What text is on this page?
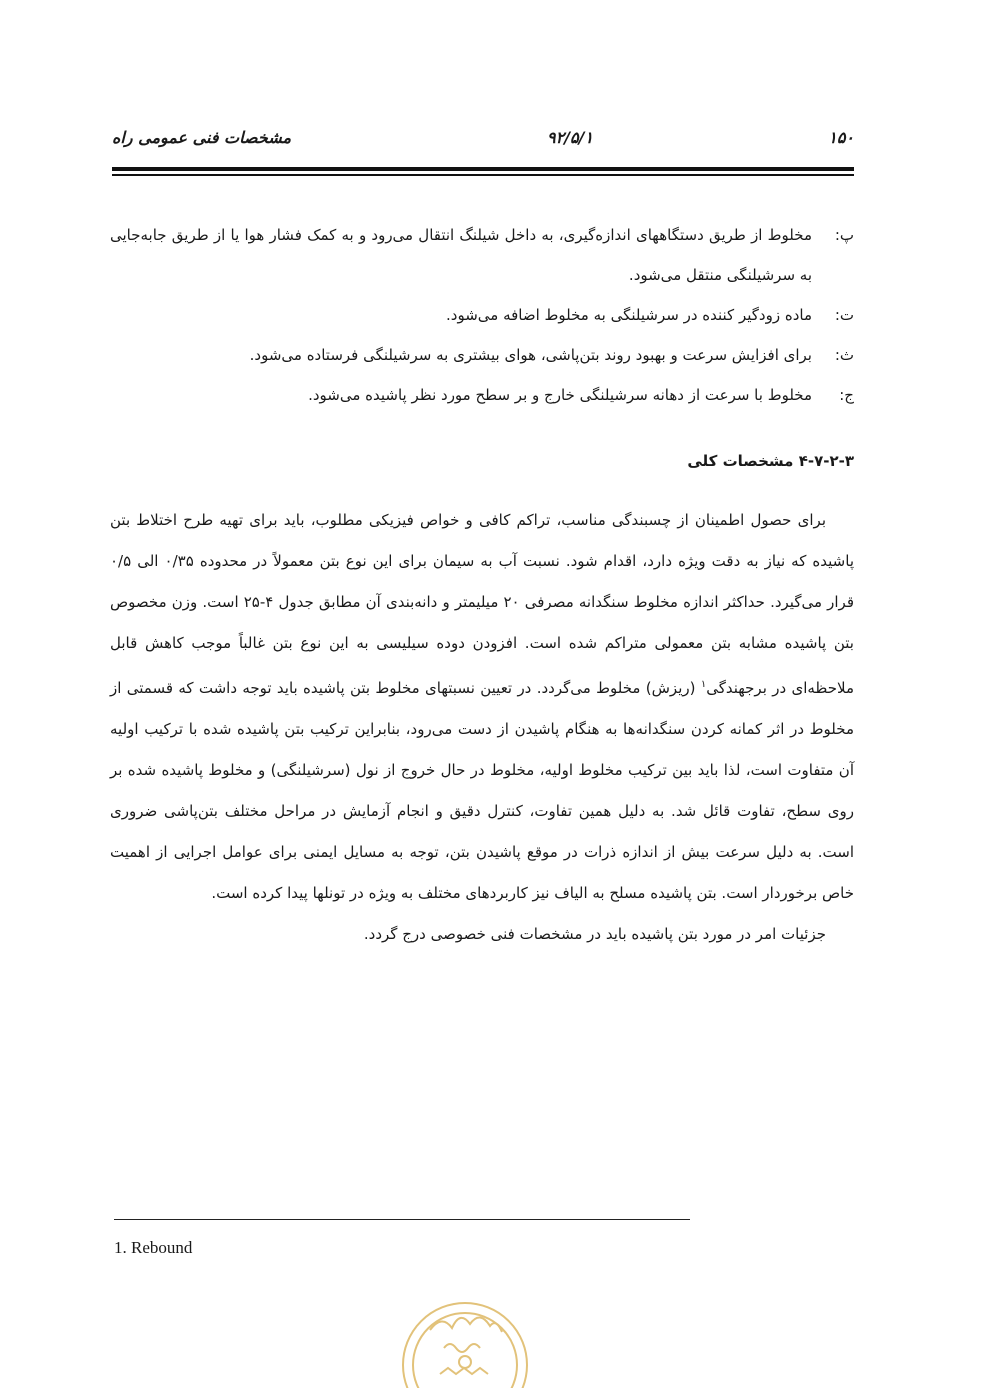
مشخصات فنی عمومی راه	۹۲/۵/۱	۱۵۰
پ:
مخلوط از طریق دستگاههای اندازه‌گیری، به داخل شیلنگ انتقال می‌رود و به کمک فشار هوا یا از طریق جابه‌جایی به سرشیلنگی منتقل می‌شود.
ت:
ماده زودگیر کننده در سرشیلنگی به مخلوط اضافه می‌شود.
ث:
برای افزایش سرعت و بهبود روند بتن‌پاشی، هوای بیشتری به سرشیلنگی فرستاده می‌شود.
ج:
مخلوط با سرعت از دهانه سرشیلنگی خارج و بر سطح مورد نظر پاشیده می‌شود.
۴-۷-۲-۳ مشخصات کلی

برای حصول اطمینان از چسبندگی مناسب، تراکم کافی و خواص فیزیکی مطلوب، باید برای تهیه طرح اختلاط بتن پاشیده که نیاز به دقت ویژه دارد، اقدام شود. نسبت آب به سیمان برای این نوع بتن معمولاً در محدوده ۰/۳۵ الی ۰/۵ قرار می‌گیرد. حداکثر اندازه مخلوط سنگدانه مصرفی ۲۰ میلیمتر و دانه‌بندی آن مطابق جدول ۴-۲۵ است. وزن مخصوص بتن پاشیده مشابه بتن معمولی متراکم شده است. افزودن دوده سیلیسی به این نوع بتن غالباً موجب کاهش قابل ملاحظه‌ای در برجهندگی$^۱$ (ریزش) مخلوط می‌گردد. در تعیین نسبتهای مخلوط بتن پاشیده باید توجه داشت که قسمتی از مخلوط در اثر کمانه کردن سنگدانه‌ها به هنگام پاشیدن از دست می‌رود، بنابراین ترکیب بتن پاشیده شده با ترکیب اولیه آن متفاوت است، لذا باید بین ترکیب مخلوط اولیه، مخلوط در حال خروج از نول (سرشیلنگی) و مخلوط پاشیده شده بر روی سطح، تفاوت قائل شد. به دلیل همین تفاوت، کنترل دقیق و انجام آزمایش در مراحل مختلف بتن‌پاشی ضروری است. به دلیل سرعت بیش از اندازه ذرات در موقع پاشیدن بتن، توجه به مسایل ایمنی برای عوامل اجرایی از اهمیت خاص برخوردار است. بتن پاشیده مسلح به الیاف نیز کاربردهای مختلف به ویژه در تونلها پیدا کرده است.

جزئیات امر در مورد بتن پاشیده باید در مشخصات فنی خصوصی درج گردد.

1. Rebound
